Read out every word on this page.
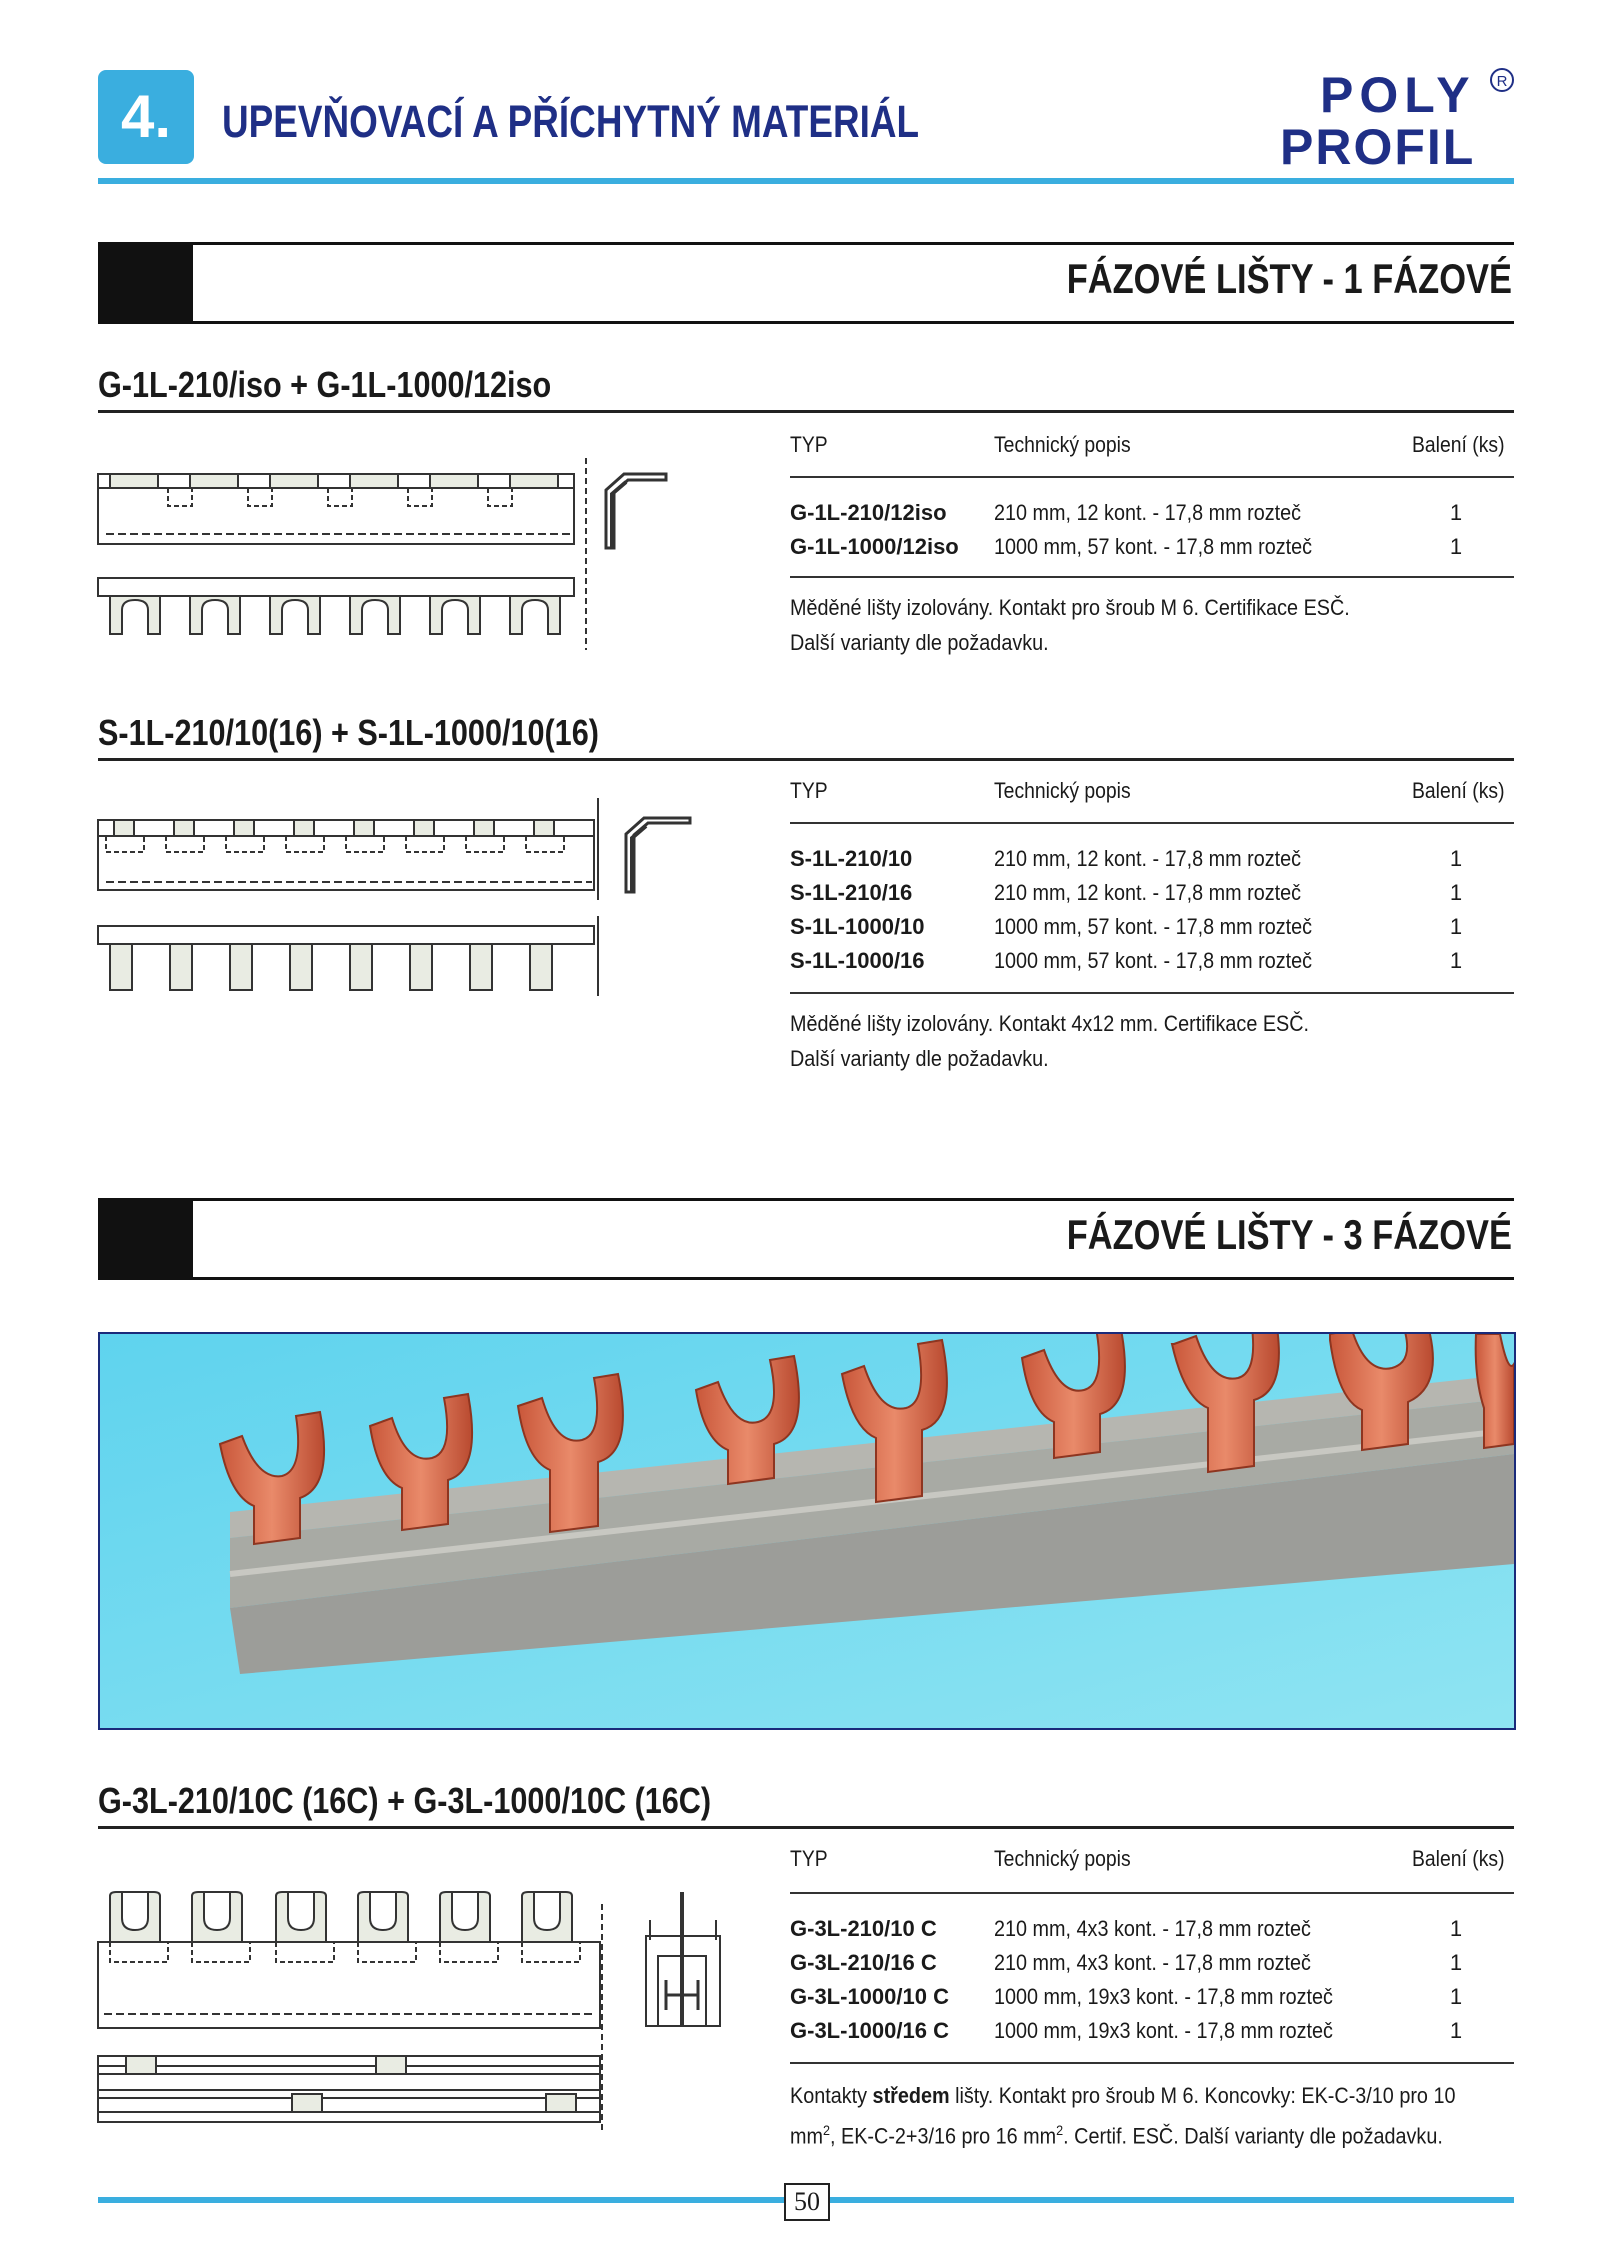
4.	UPEVŇOVACÍ A PŘÍCHYTNÝ MATERIÁL	POLY
PROFIL
R
FÁZOVÉ LIŠTY - 1 FÁZOVÉ
G-1L-210/iso + G-1L-1000/12iso
TYP	Technický popis	Balení (ks)
G-1L-210/12iso 210 mm, 12 kont. - 17,8 mm rozteč	1
G-1L-1000/12iso 1000 mm, 57 kont. - 17,8 mm rozteč	1
Měděné lišty izolovány. Kontakt pro šroub M 6. Certifikace ESČ.
Další varianty dle požadavku.
S-1L-210/10(16) + S-1L-1000/10(16)
TYP	Technický popis	Balení (ks)
S-1L-210/10	210 mm, 12 kont. - 17,8 mm rozteč	1
S-1L-210/16	210 mm, 12 kont. - 17,8 mm rozteč	1
S-1L-1000/10	1000 mm, 57 kont. - 17,8 mm rozteč	1
S-1L-1000/16	1000 mm, 57 kont. - 17,8 mm rozteč	1
Měděné lišty izolovány. Kontakt 4x12 mm. Certifikace ESČ.
Další varianty dle požadavku.
FÁZOVÉ LIŠTY - 3 FÁZOVÉ
G-3L-210/10C (16C) + G-3L-1000/10C (16C)
TYP	Technický popis	Balení (ks)
G-3L-210/10 C	210 mm, 4x3 kont. - 17,8 mm rozteč	1
G-3L-210/16 C	210 mm, 4x3 kont. - 17,8 mm rozteč	1
G-3L-1000/10 C 1000 mm, 19x3 kont. - 17,8 mm rozteč	1
G-3L-1000/16 C 1000 mm, 19x3 kont. - 17,8 mm rozteč	1
Kontakty středem lišty. Kontakt pro šroub M 6. Koncovky: EK-C-3/10 pro 10
$mm^2$, EK-C-2+3/16 pro 16 $mm^2$. Certif. ESČ. Další varianty dle požadavku.
50
